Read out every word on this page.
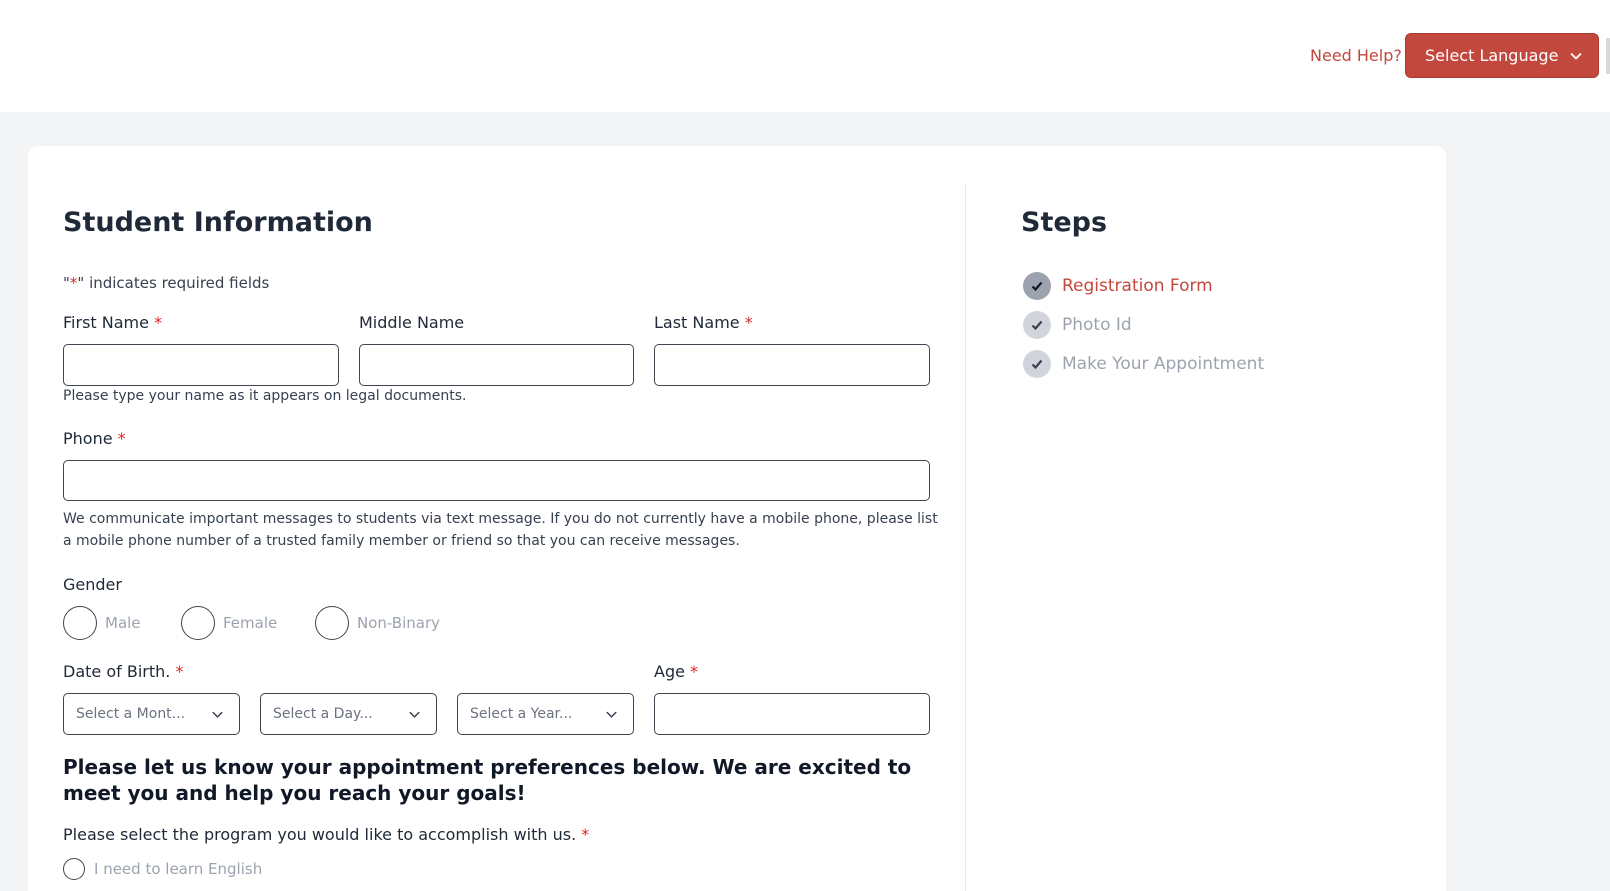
Need Help? Select Language
Student Information
"*" indicates required fields
First Name *	Middle Name	Last Name *
Please type your name as it appears on legal documents.
Phone *
We communicate important messages to students via text message. If you do not currently have a mobile phone, please list a mobile phone number of a trusted family member or friend so that you can receive messages.
Gender
Male	Female	Non-Binary
Date of Birth. *	Age *
Select a Mont...	Select a Day...	Select a Year...
Please let us know your appointment preferences below. We are excited to meet you and help you reach your goals!
Please select the program you would like to accomplish with us. *
I need to learn English
Steps
Registration Form
Photo Id
Make Your Appointment
